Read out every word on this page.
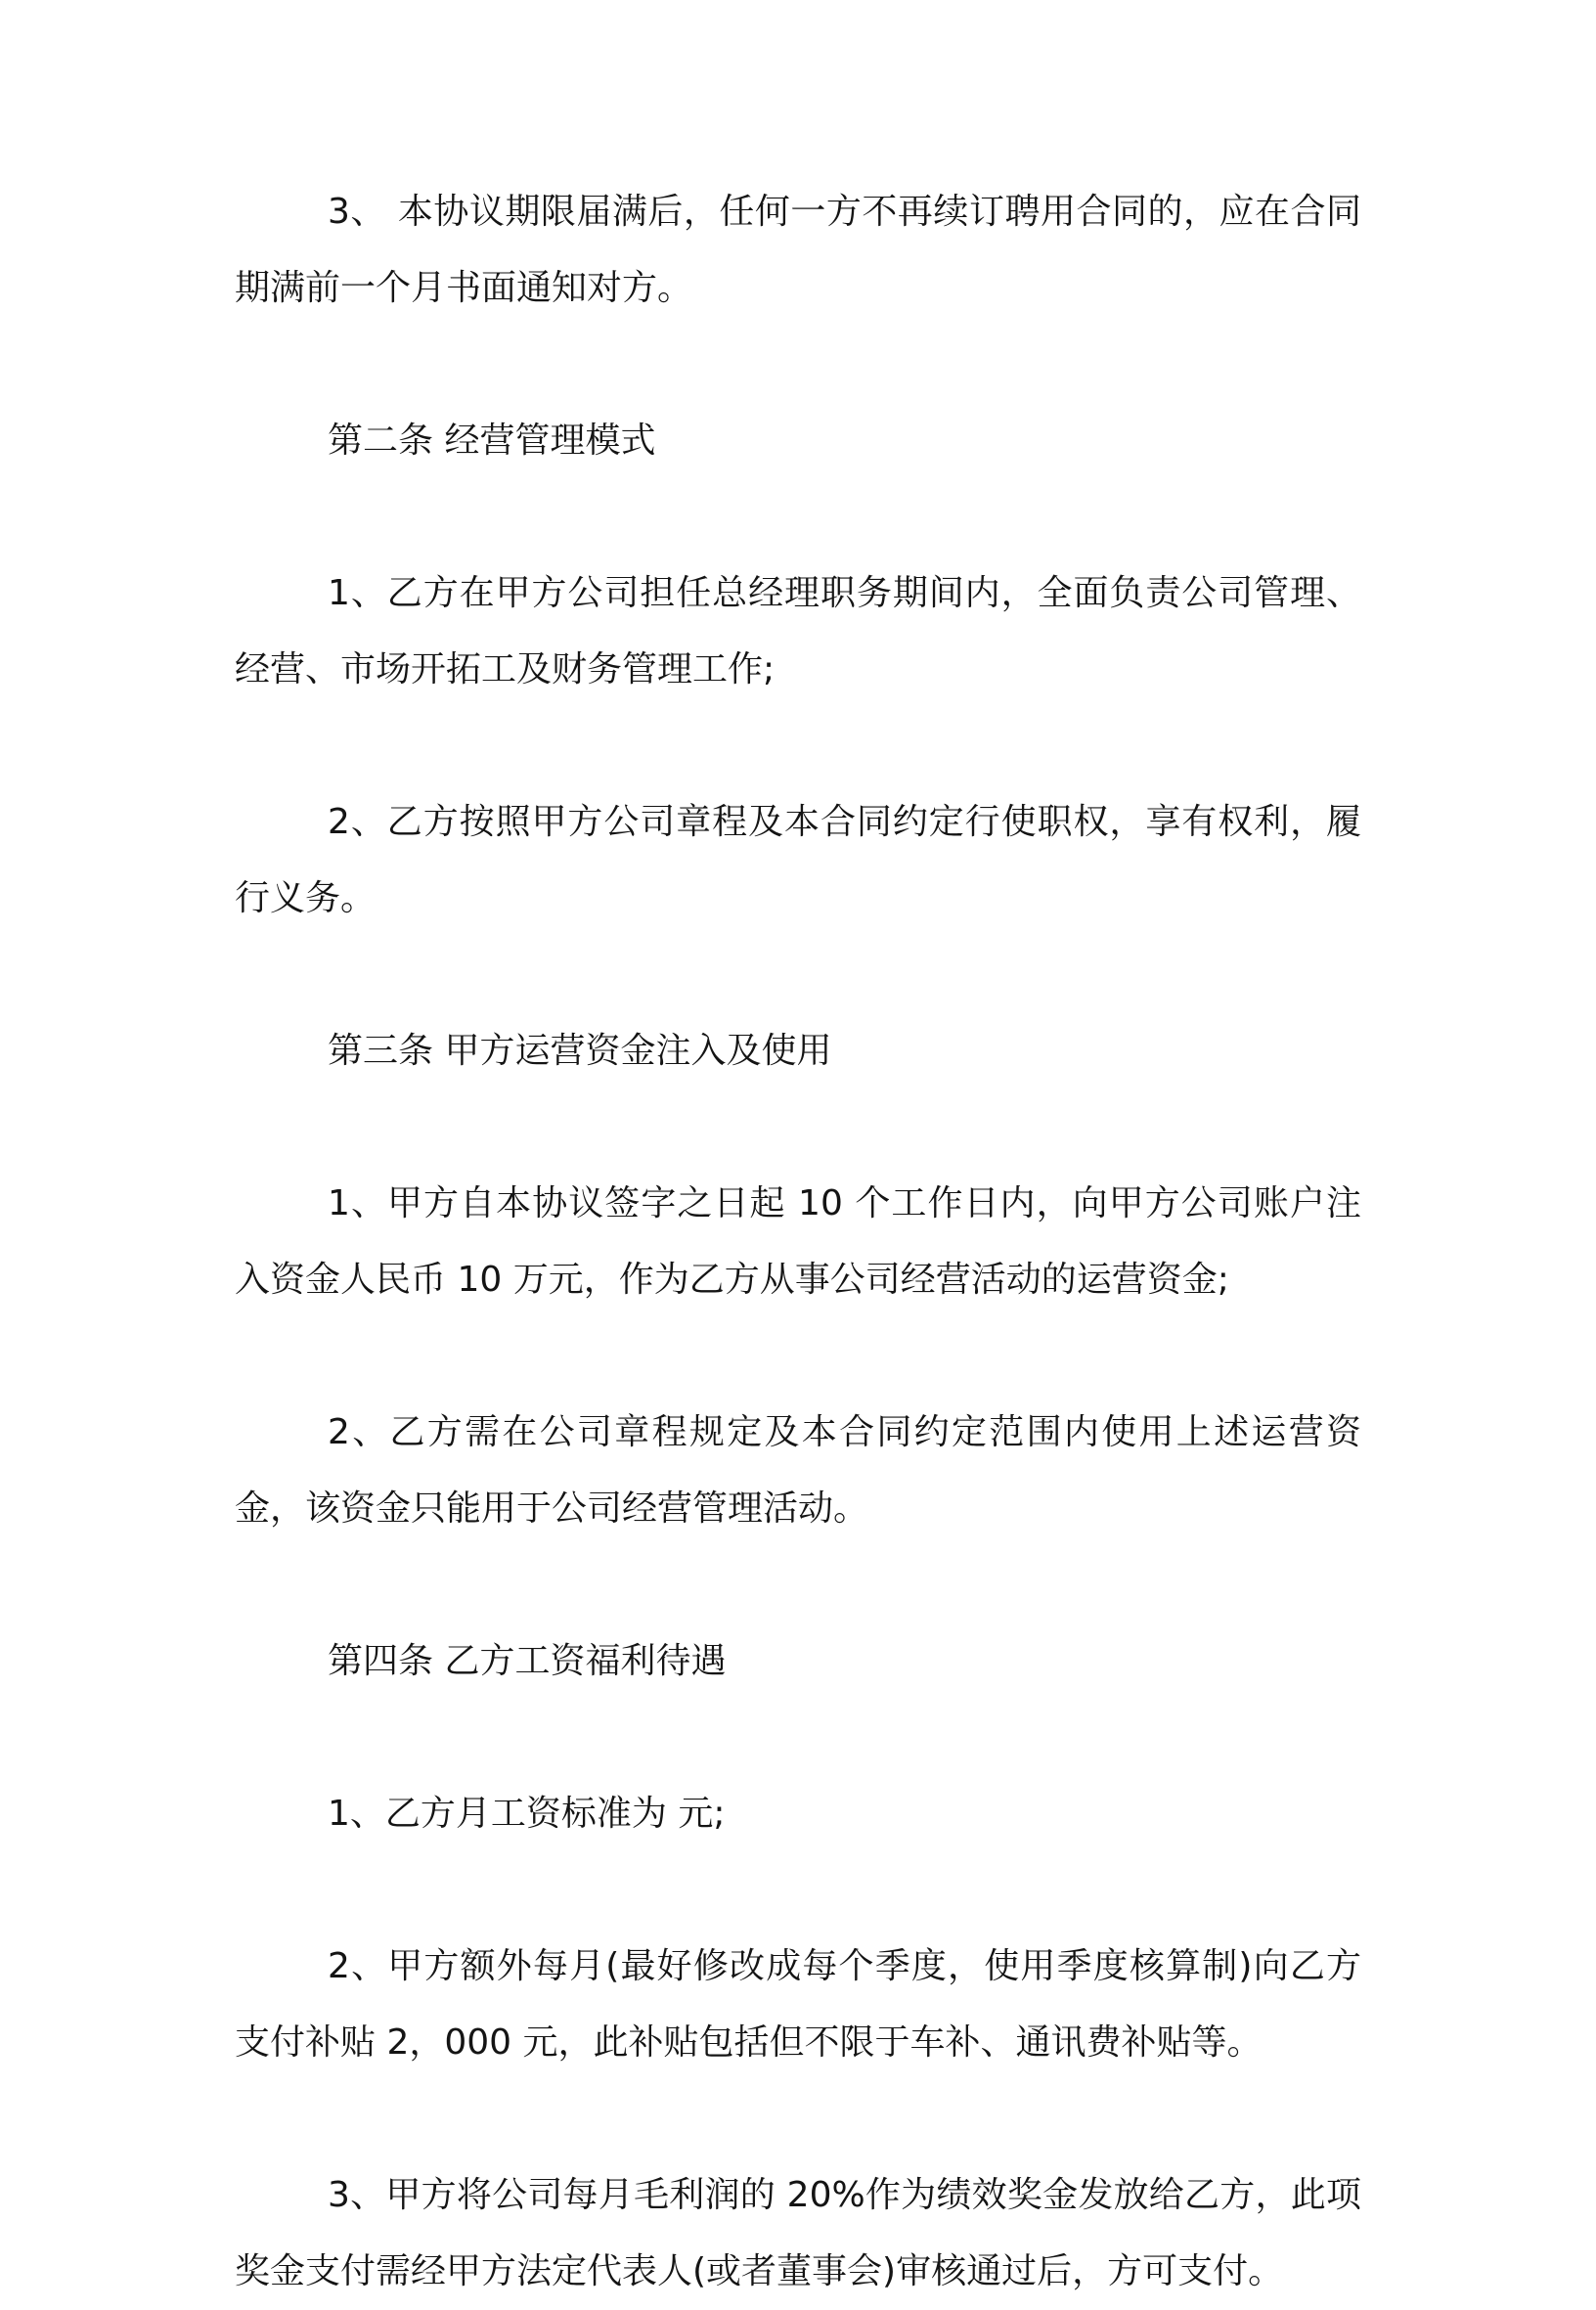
3、 本协议期限届满后，任何一方不再续订聘用合同的，应在合同期满前一个月书面通知对方。

第二条 经营管理模式

1、乙方在甲方公司担任总经理职务期间内，全面负责公司管理、经营、市场开拓工及财务管理工作;

2、乙方按照甲方公司章程及本合同约定行使职权，享有权利，履行义务。

第三条 甲方运营资金注入及使用

1、甲方自本协议签字之日起 10 个工作日内，向甲方公司账户注入资金人民币 10 万元，作为乙方从事公司经营活动的运营资金;

2、乙方需在公司章程规定及本合同约定范围内使用上述运营资金，该资金只能用于公司经营管理活动。

第四条 乙方工资福利待遇

1、乙方月工资标准为 元;

2、甲方额外每月(最好修改成每个季度，使用季度核算制)向乙方支付补贴 2，000 元，此补贴包括但不限于车补、通讯费补贴等。

3、甲方将公司每月毛利润的 20%作为绩效奖金发放给乙方，此项奖金支付需经甲方法定代表人(或者董事会)审核通过后，方可支付。
